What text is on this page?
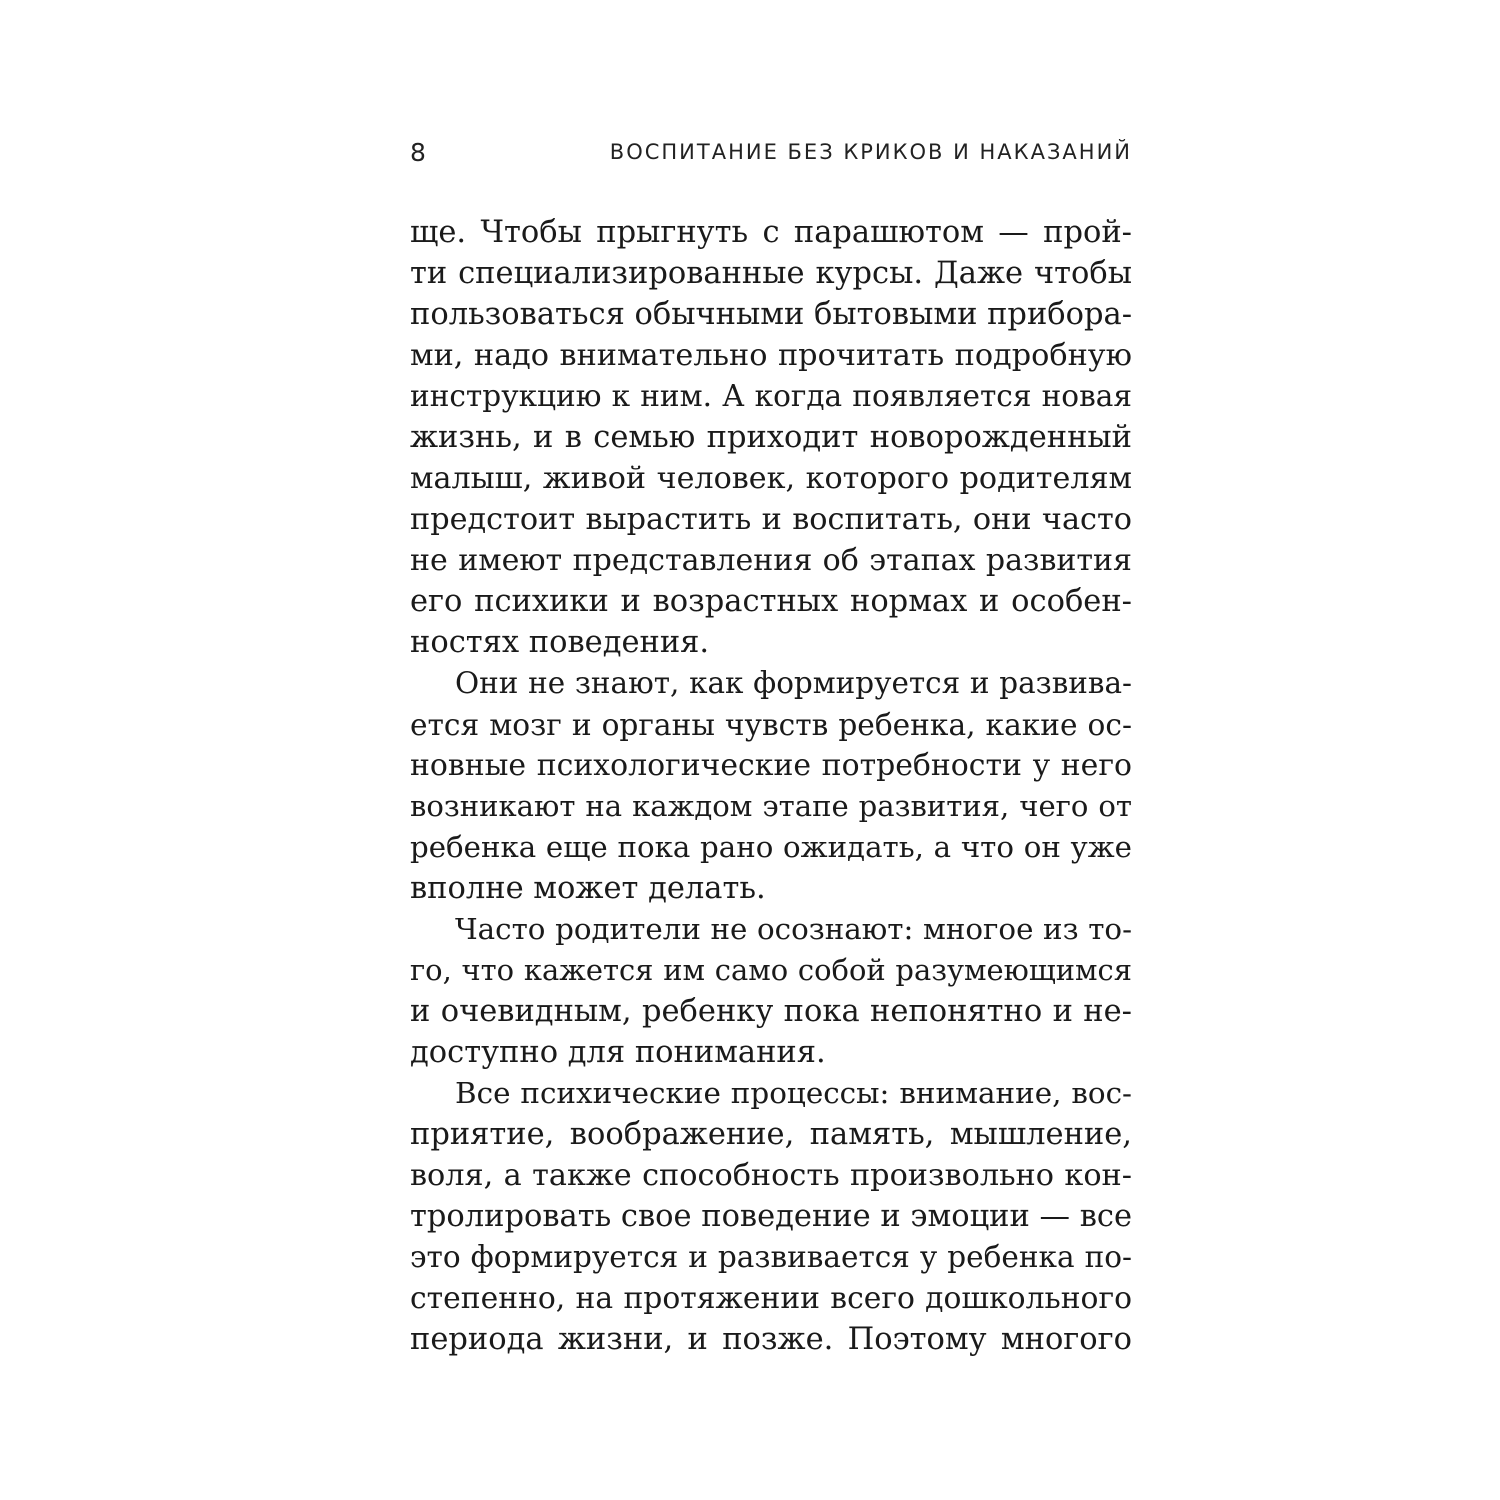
8	ВОСПИТАНИЕ БЕЗ КРИКОВ И НАКАЗАНИЙ
ще. Чтобы прыгнуть с парашютом — прой-
ти специализированные курсы. Даже чтобы
пользоваться обычными бытовыми прибора-
ми, надо внимательно прочитать подробную
инструкцию к ним. А когда появляется новая
жизнь, и в семью приходит новорожденный
малыш, живой человек, которого родителям
предстоит вырастить и воспитать, они часто
не имеют представления об этапах развития
его психики и возрастных нормах и особен-
ностях поведения.
Они не знают, как формируется и развива-
ется мозг и органы чувств ребенка, какие ос-
новные психологические потребности у него
возникают на каждом этапе развития, чего от
ребенка еще пока рано ожидать, а что он уже
вполне может делать.
Часто родители не осознают: многое из то-
го, что кажется им само собой разумеющимся
и очевидным, ребенку пока непонятно и не-
доступно для понимания.
Все психические процессы: внимание, вос-
приятие, воображение, память, мышление,
воля, а также способность произвольно кон-
тролировать свое поведение и эмоции — все
это формируется и развивается у ребенка по-
степенно, на протяжении всего дошкольного
периода жизни, и позже. Поэтому многого
